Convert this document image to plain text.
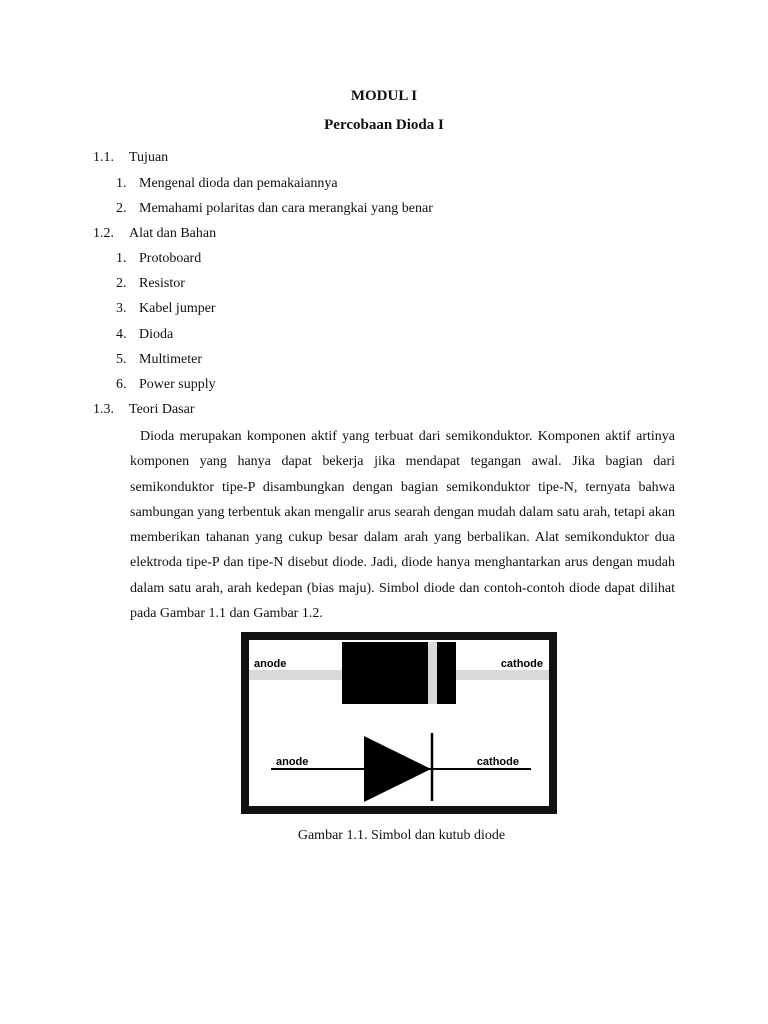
MODUL I
Percobaan Dioda I
1.1. Tujuan
1. Mengenal dioda dan pemakaiannya
2. Memahami polaritas dan cara merangkai yang benar
1.2. Alat dan Bahan
1. Protoboard
2. Resistor
3. Kabel jumper
4. Dioda
5. Multimeter
6. Power supply
1.3. Teori Dasar
Dioda merupakan komponen aktif yang terbuat dari semikonduktor. Komponen aktif artinya komponen yang hanya dapat bekerja jika mendapat tegangan awal. Jika bagian dari semikonduktor tipe-P disambungkan dengan bagian semikonduktor tipe-N, ternyata bahwa sambungan yang terbentuk akan mengalir arus searah dengan mudah dalam satu arah, tetapi akan memberikan tahanan yang cukup besar dalam arah yang berbalikan. Alat semikonduktor dua elektroda tipe-P dan tipe-N disebut diode. Jadi, diode hanya menghantarkan arus dengan mudah dalam satu arah, arah kedepan (bias maju). Simbol diode dan contoh-contoh diode dapat dilihat pada Gambar 1.1 dan Gambar 1.2.
anode	cathode
anode	cathode
Gambar 1.1. Simbol dan kutub diode
